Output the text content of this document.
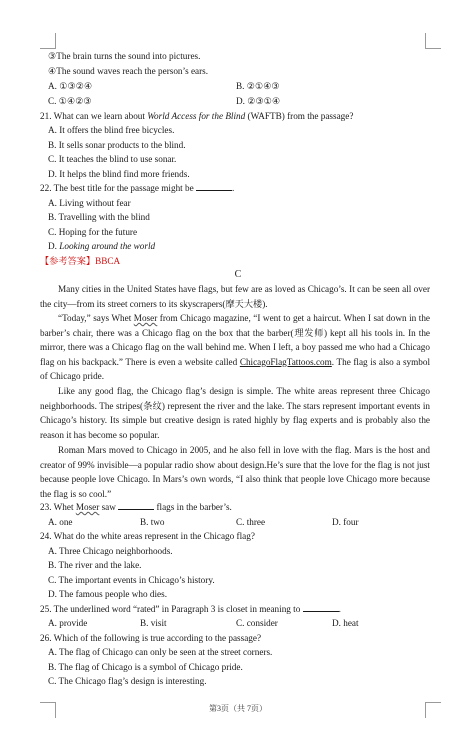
③The brain turns the sound into pictures.
④The sound waves reach the person’s ears.
A. ①③②④	B. ②①④③
C. ①④②③	D. ②③①④
21. What can we learn about World Access for the Blind (WAFTB) from the passage?
A. It offers the blind free bicycles.
B. It sells sonar products to the blind.
C. It teaches the blind to use sonar.
D. It helps the blind find more friends.
22. The best title for the passage might be	.
A. Living without fear
B. Travelling with the blind
C. Hoping for the future
D. Looking around the world
【参考答案】BBCA
C
Many cities in the United States have flags, but few are as loved as Chicago’s. It can be seen all over the city—from its street corners to its skyscrapers(摩天大楼).
“Today,” says Whet Moser from Chicago magazine, “I went to get a haircut. When I sat down in the barber’s chair, there was a Chicago flag on the box that the barber(理发师) kept all his tools in. In the mirror, there was a Chicago flag on the wall behind me. When I left, a boy passed me who had a Chicago flag on his backpack.” There is even a website called ChicagoFlagTattoos.com. The flag is also a symbol of Chicago pride.
Like any good flag, the Chicago flag’s design is simple. The white areas represent three Chicago neighborhoods. The stripes(条纹) represent the river and the lake. The stars represent important events in Chicago’s history. Its simple but creative design is rated highly by flag experts and is probably also the reason it has become so popular.
Roman Mars moved to Chicago in 2005, and he also fell in love with the flag. Mars is the host and creator of 99% invisible—a popular radio show about design.He’s sure that the love for the flag is not just because people love Chicago. In Mars’s own words, “I also think that people love Chicago more because the flag is so cool.”
23. Whet Moser saw	flags in the barber’s.
A. one	B. two	C. three	D. four
24. What do the white areas represent in the Chicago flag?
A. Three Chicago neighborhoods.
B. The river and the lake.
C. The important events in Chicago’s history.
D. The famous people who dies.
25. The underlined word “rated” in Paragraph 3 is closet in meaning to	.
A. provide	B. visit	C. consider	D. heat
26. Which of the following is true according to the passage?
A. The flag of Chicago can only be seen at the street corners.
B. The flag of Chicago is a symbol of Chicago pride.
C. The Chicago flag’s design is interesting.
第3页（共 7页）
